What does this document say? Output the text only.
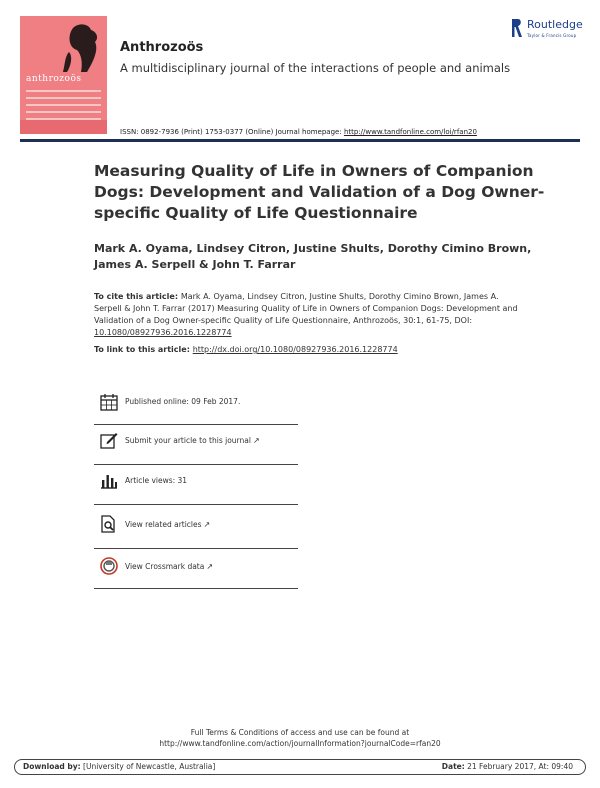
anthrozoös
Anthrozoös
A multidisciplinary journal of the interactions of people and animals
Routledge
Taylor & Francis Group
ISSN: 0892-7936 (Print) 1753-0377 (Online) Journal homepage: http://www.tandfonline.com/loi/rfan20
Measuring Quality of Life in Owners of Companion Dogs: Development and Validation of a Dog Owner-specific Quality of Life Questionnaire
Mark A. Oyama, Lindsey Citron, Justine Shults, Dorothy Cimino Brown, James A. Serpell & John T. Farrar
To cite this article: Mark A. Oyama, Lindsey Citron, Justine Shults, Dorothy Cimino Brown, James A. Serpell & John T. Farrar (2017) Measuring Quality of Life in Owners of Companion Dogs: Development and Validation of a Dog Owner-specific Quality of Life Questionnaire, Anthrozoös, 30:1, 61-75, DOI: 10.1080/08927936.2016.1228774
To link to this article: http://dx.doi.org/10.1080/08927936.2016.1228774
Published online: 09 Feb 2017.
Submit your article to this journal ↗
Article views: 31
View related articles ↗
View Crossmark data ↗
Full Terms & Conditions of access and use can be found at
http://www.tandfonline.com/action/journalInformation?journalCode=rfan20
Download by: [University of Newcastle, Australia]	Date: 21 February 2017, At: 09:40
